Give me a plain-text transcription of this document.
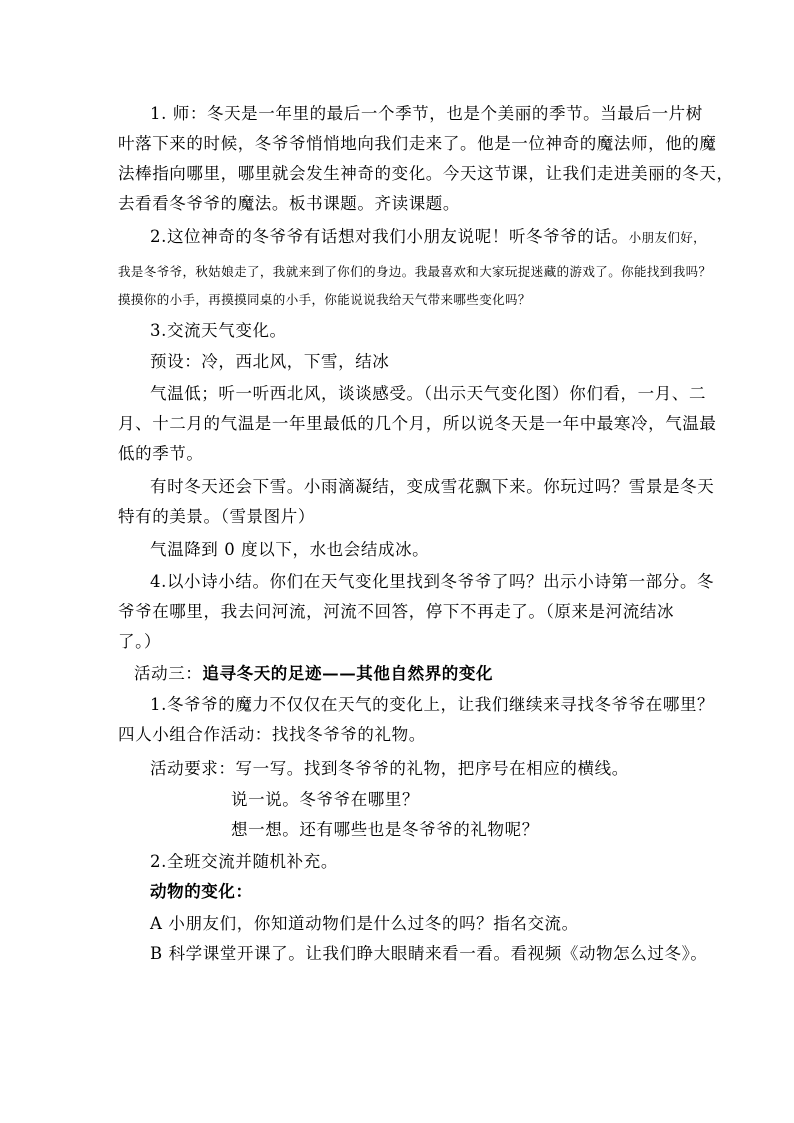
1. 师：冬天是一年里的最后一个季节，也是个美丽的季节。当最后一片树
叶落下来的时候，冬爷爷悄悄地向我们走来了。他是一位神奇的魔法师，他的魔
法棒指向哪里，哪里就会发生神奇的变化。今天这节课，让我们走进美丽的冬天，
去看看冬爷爷的魔法。板书课题。齐读课题。
2.这位神奇的冬爷爷有话想对我们小朋友说呢！听冬爷爷的话。小朋友们好，
我是冬爷爷，秋姑娘走了，我就来到了你们的身边。我最喜欢和大家玩捉迷藏的游戏了。你能找到我吗？
摸摸你的小手，再摸摸同桌的小手，你能说说我给天气带来哪些变化吗？
3.交流天气变化。
预设：冷，西北风，下雪，结冰
气温低；听一听西北风，谈谈感受。（出示天气变化图）你们看，一月、二
月、十二月的气温是一年里最低的几个月，所以说冬天是一年中最寒冷，气温最
低的季节。
有时冬天还会下雪。小雨滴凝结，变成雪花飘下来。你玩过吗？雪景是冬天
特有的美景。（雪景图片）
气温降到 0 度以下，水也会结成冰。
4.以小诗小结。你们在天气变化里找到冬爷爷了吗？出示小诗第一部分。冬
爷爷在哪里，我去问河流，河流不回答，停下不再走了。（原来是河流结冰
了。）
活动三：追寻冬天的足迹——其他自然界的变化
1.冬爷爷的魔力不仅仅在天气的变化上，让我们继续来寻找冬爷爷在哪里？
四人小组合作活动：找找冬爷爷的礼物。
活动要求：写一写。找到冬爷爷的礼物，把序号在相应的横线。
说一说。冬爷爷在哪里？
想一想。还有哪些也是冬爷爷的礼物呢？
2.全班交流并随机补充。
动物的变化：
A 小朋友们，你知道动物们是什么过冬的吗？指名交流。
B 科学课堂开课了。让我们睁大眼睛来看一看。看视频《动物怎么过冬》。
